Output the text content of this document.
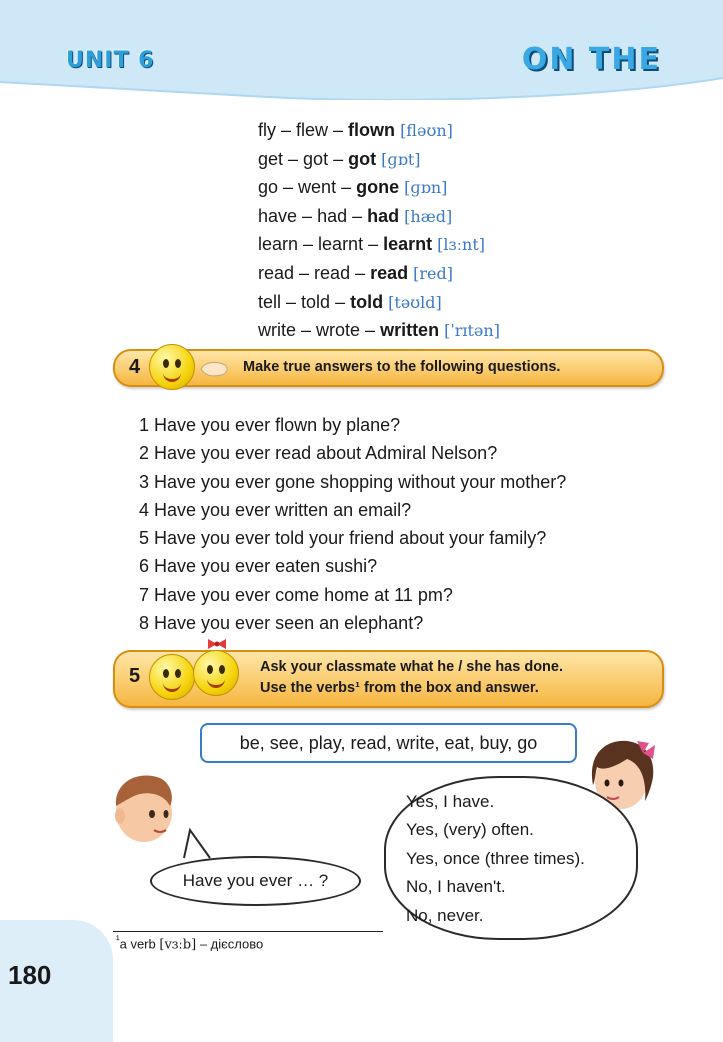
UNIT 6	ON THE
fly – flew – flown [fləʊn]
get – got – got [ɡɒt]
go – went – gone [ɡɒn]
have – had – had [hæd]
learn – learnt – learnt [lɜːnt]
read – read – read [red]
tell – told – told [təʊld]
write – wrote – written [ˈrɪtən]
4	Make true answers to the following questions.
1 Have you ever flown by plane?
2 Have you ever read about Admiral Nelson?
3 Have you ever gone shopping without your mother?
4 Have you ever written an email?
5 Have you ever told your friend about your family?
6 Have you ever eaten sushi?
7 Have you ever come home at 11 pm?
8 Have you ever seen an elephant?
5	Ask your classmate what he / she has done.
Use the verbs¹ from the box and answer.
be, see, play, read, write, eat, buy, go
Have you ever … ?
Yes, I have.
Yes, (very) often.
Yes, once (three times).
No, I haven't.
No, never.
$^{^1}$a verb [vɜːb] – дієслово
180
